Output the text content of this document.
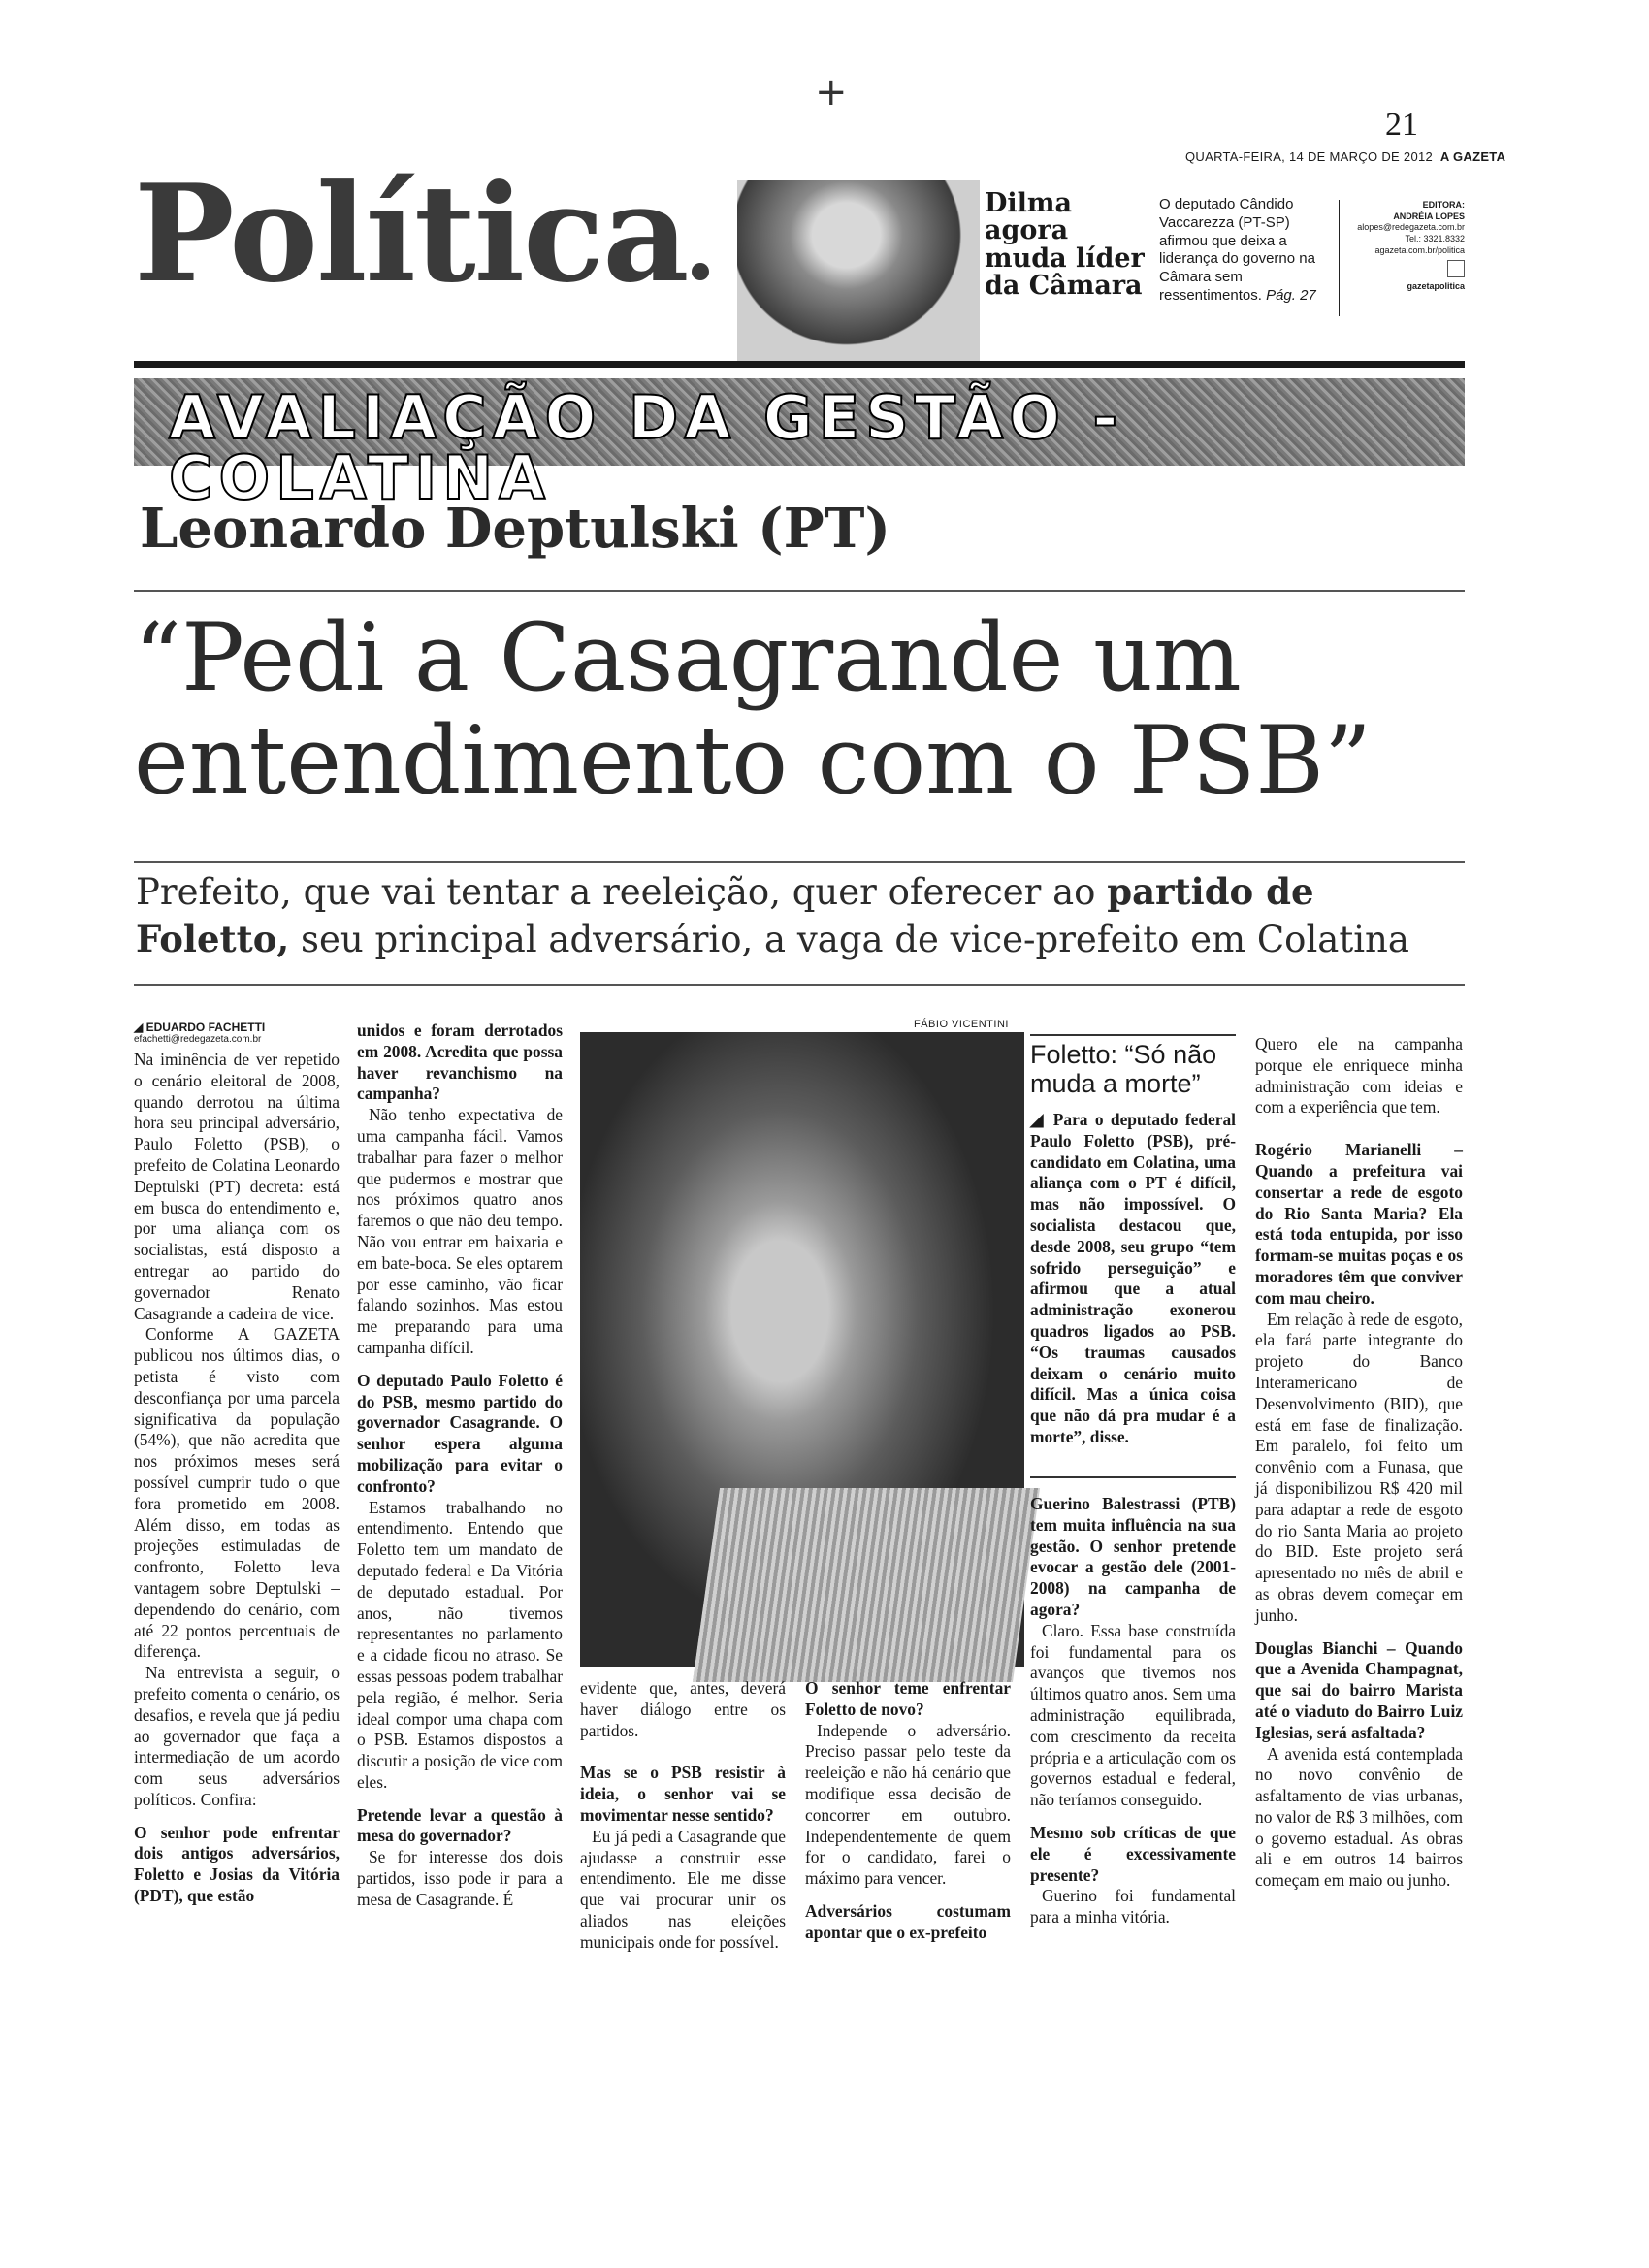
+
21
QUARTA-FEIRA, 14 DE MARÇO DE 2012 A GAZETA
Política	Dilma agora muda líder da Câmara
O deputado Cândido Vaccarezza (PT-SP) afirmou que deixa a liderança do governo na Câmara sem ressentimentos. Pág. 27
EDITORA:
ANDRÉIA LOPES
alopes@redegazeta.com.br
Tel.: 3321.8332
agazeta.com.br/politica
gazetapolitica
AVALIAÇÃO DA GESTÃO - COLATINA
Leonardo Deptulski (PT)
“Pedi a Casagrande um entendimento com o PSB”
Prefeito, que vai tentar a reeleição, quer oferecer ao partido de Foletto, seu principal adversário, a vaga de vice-prefeito em Colatina
◢ EDUARDO FACHETTI
efachetti@redegazeta.com.br

Na iminência de ver repetido o cenário eleitoral de 2008, quando derrotou na última hora seu principal adversário, Paulo Foletto (PSB), o prefeito de Colatina Leonardo Deptulski (PT) decreta: está em busca do entendimento e, por uma aliança com os socialistas, está disposto a entregar ao partido do governador Renato Casagrande a cadeira de vice.

Conforme A GAZETA publicou nos últimos dias, o petista é visto com desconfiança por uma parcela significativa da população (54%), que não acredita que nos próximos meses será possível cumprir tudo o que fora prometido em 2008. Além disso, em todas as projeções estimuladas de confronto, Foletto leva vantagem sobre Deptulski – dependendo do cenário, com até 22 pontos percentuais de diferença.

Na entrevista a seguir, o prefeito comenta o cenário, os desafios, e revela que já pediu ao governador que faça a intermediação de um acordo com seus adversários políticos. Confira:

O senhor pode enfrentar dois antigos adversários, Foletto e Josias da Vitória (PDT), que estão

unidos e foram derrotados em 2008. Acredita que possa haver revanchismo na campanha?

Não tenho expectativa de uma campanha fácil. Vamos trabalhar para fazer o melhor que pudermos e mostrar que nos próximos quatro anos faremos o que não deu tempo. Não vou entrar em baixaria e em bate-boca. Se eles optarem por esse caminho, vão ficar falando sozinhos. Mas estou me preparando para uma campanha difícil.

O deputado Paulo Foletto é do PSB, mesmo partido do governador Casagrande. O senhor espera alguma mobilização para evitar o confronto?

Estamos trabalhando no entendimento. Entendo que Foletto tem um mandato de deputado federal e Da Vitória de deputado estadual. Por anos, não tivemos representantes no parlamento e a cidade ficou no atraso. Se essas pessoas podem trabalhar pela região, é melhor. Seria ideal compor uma chapa com o PSB. Estamos dispostos a discutir a posição de vice com eles.

Pretende levar a questão à mesa do governador?

Se for interesse dos dois partidos, isso pode ir para a mesa de Casagrande. É

FÁBIO VICENTINI

evidente que, antes, deverá haver diálogo entre os partidos.

Mas se o PSB resistir à ideia, o senhor vai se movimentar nesse sentido?

Eu já pedi a Casagrande que ajudasse a construir esse entendimento. Ele me disse que vai procurar unir os aliados nas eleições municipais onde for possível.

O senhor teme enfrentar Foletto de novo?

Independe o adversário. Preciso passar pelo teste da reeleição e não há cenário que modifique essa decisão de concorrer em outubro. Independentemente de quem for o candidato, farei o máximo para vencer.

Adversários costumam apontar que o ex-prefeito

Foletto: “Só não muda a morte”
◢ Para o deputado federal Paulo Foletto (PSB), pré-candidato em Colatina, uma aliança com o PT é difícil, mas não impossível. O socialista destacou que, desde 2008, seu grupo “tem sofrido perseguição” e afirmou que a atual administração exonerou quadros ligados ao PSB. “Os traumas causados deixam o cenário muito difícil. Mas a única coisa que não dá pra mudar é a morte”, disse.

Guerino Balestrassi (PTB) tem muita influência na sua gestão. O senhor pretende evocar a gestão dele (2001-2008) na campanha de agora?

Claro. Essa base construída foi fundamental para os avanços que tivemos nos últimos quatro anos. Sem uma administração equilibrada, com crescimento da receita própria e a articulação com os governos estadual e federal, não teríamos conseguido.

Mesmo sob críticas de que ele é excessivamente presente?

Guerino foi fundamental para a minha vitória.

Quero ele na campanha porque ele enriquece minha administração com ideias e com a experiência que tem.

Rogério Marianelli – Quando a prefeitura vai consertar a rede de esgoto do Rio Santa Maria? Ela está toda entupida, por isso formam-se muitas poças e os moradores têm que conviver com mau cheiro.

Em relação à rede de esgoto, ela fará parte integrante do projeto do Banco Interamericano de Desenvolvimento (BID), que está em fase de finalização. Em paralelo, foi feito um convênio com a Funasa, que já disponibilizou R$ 420 mil para adaptar a rede de esgoto do rio Santa Maria ao projeto do BID. Este projeto será apresentado no mês de abril e as obras devem começar em junho.

Douglas Bianchi – Quando que a Avenida Champagnat, que sai do bairro Marista até o viaduto do Bairro Luiz Iglesias, será asfaltada?

A avenida está contemplada no novo convênio de asfaltamento de vias urbanas, no valor de R$ 3 milhões, com o governo estadual. As obras ali e em outros 14 bairros começam em maio ou junho.
